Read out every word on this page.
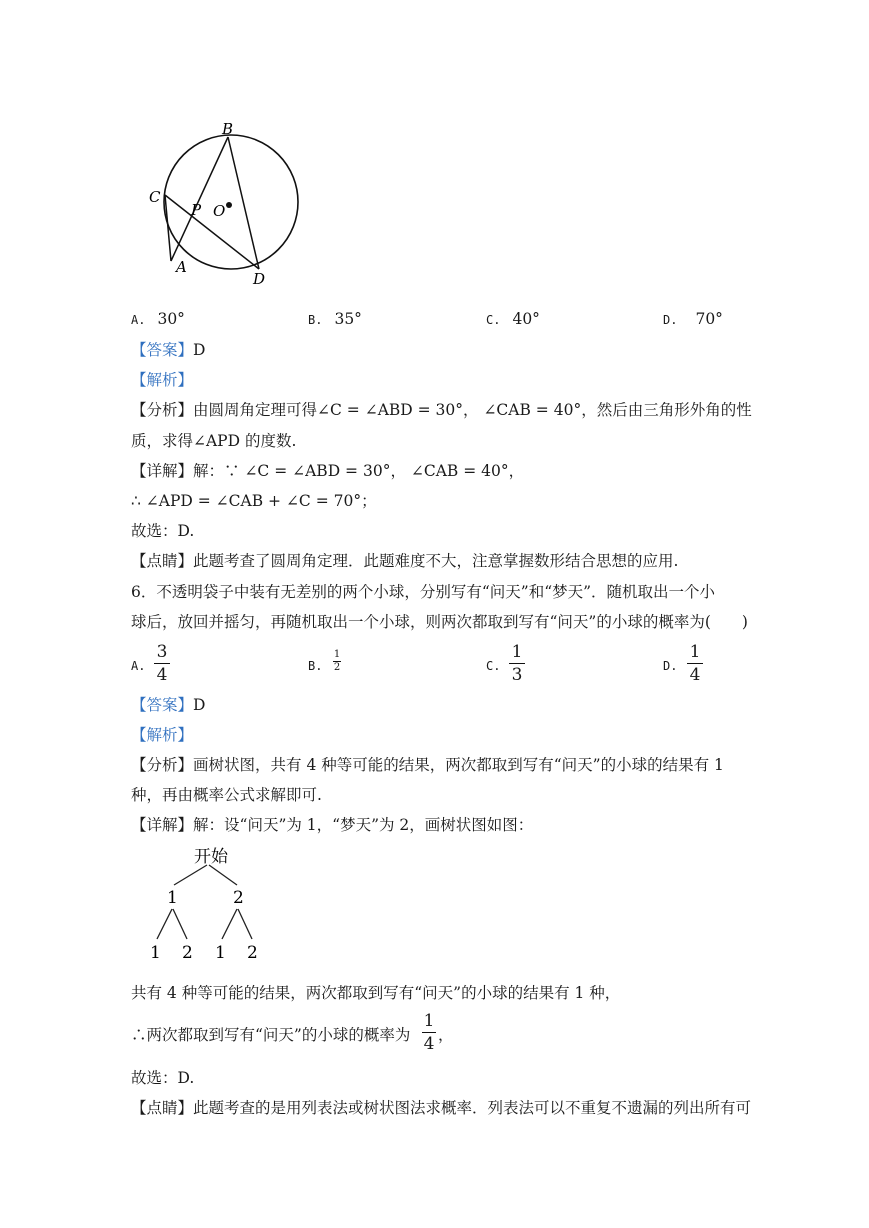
B
C
P O
A
D
A. 30°	B. 35°	C. 40°	D. 70°
【答案】D
【解析】
【分析】由圆周角定理可得∠C = ∠ABD = 30°， ∠CAB = 40°，然后由三角形外角的性
质，求得∠APD 的度数.
【详解】解：∵ ∠C = ∠ABD = 30°， ∠CAB = 40°，
∴ ∠APD = ∠CAB + ∠C = 70°；
故选：D.
【点睛】此题考查了圆周角定理．此题难度不大，注意掌握数形结合思想的应用.
6．不透明袋子中装有无差别的两个小球，分别写有“问天”和“梦天”．随机取出一个小
球后，放回并摇匀，再随机取出一个小球，则两次都取到写有“问天”的小球的概率为(　　)
A.
3
4	B.
1
2	C.
1
3	D.
1
4
【答案】D
【解析】
【分析】画树状图，共有 4 种等可能的结果，两次都取到写有“问天”的小球的结果有 1
种，再由概率公式求解即可.
【详解】解：设“问天”为 1，“梦天”为 2，画树状图如图：
开始
1	2
1 2 1 2
共有 4 种等可能的结果，两次都取到写有“问天”的小球的结果有 1 种，
∴两次都取到写有“问天”的小球的概率为
1
4 ，
故选：D.
【点睛】此题考查的是用列表法或树状图法求概率．列表法可以不重复不遗漏的列出所有可
